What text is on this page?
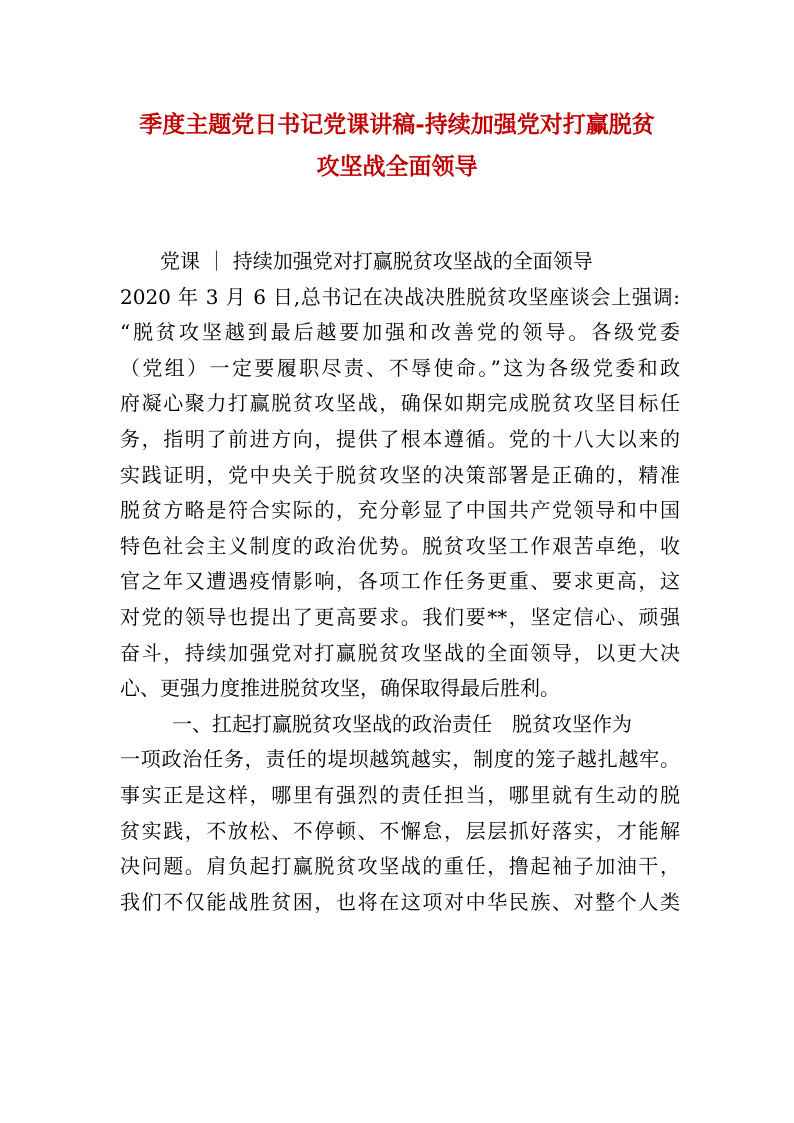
季度主题党日书记党课讲稿-持续加强党对打赢脱贫
攻坚战全面领导
党课 ｜ 持续加强党对打赢脱贫攻坚战的全面领导
2020 年 3 月 6 日,总书记在决战决胜脱贫攻坚座谈会上强调:
“脱贫攻坚越到最后越要加强和改善党的领导。各级党委
（党组）一定要履职尽责、不辱使命。”这为各级党委和政
府凝心聚力打赢脱贫攻坚战，确保如期完成脱贫攻坚目标任
务，指明了前进方向，提供了根本遵循。党的十八大以来的
实践证明，党中央关于脱贫攻坚的决策部署是正确的，精准
脱贫方略是符合实际的，充分彰显了中国共产党领导和中国
特色社会主义制度的政治优势。脱贫攻坚工作艰苦卓绝，收
官之年又遭遇疫情影响，各项工作任务更重、要求更高，这
对党的领导也提出了更高要求。我们要**，坚定信心、顽强
奋斗，持续加强党对打赢脱贫攻坚战的全面领导，以更大决
心、更强力度推进脱贫攻坚，确保取得最后胜利。
一、扛起打赢脱贫攻坚战的政治责任　脱贫攻坚作为
一项政治任务，责任的堤坝越筑越实，制度的笼子越扎越牢。
事实正是这样，哪里有强烈的责任担当，哪里就有生动的脱
贫实践，不放松、不停顿、不懈怠，层层抓好落实，才能解
决问题。肩负起打赢脱贫攻坚战的重任，撸起袖子加油干，
我们不仅能战胜贫困，也将在这项对中华民族、对整个人类
